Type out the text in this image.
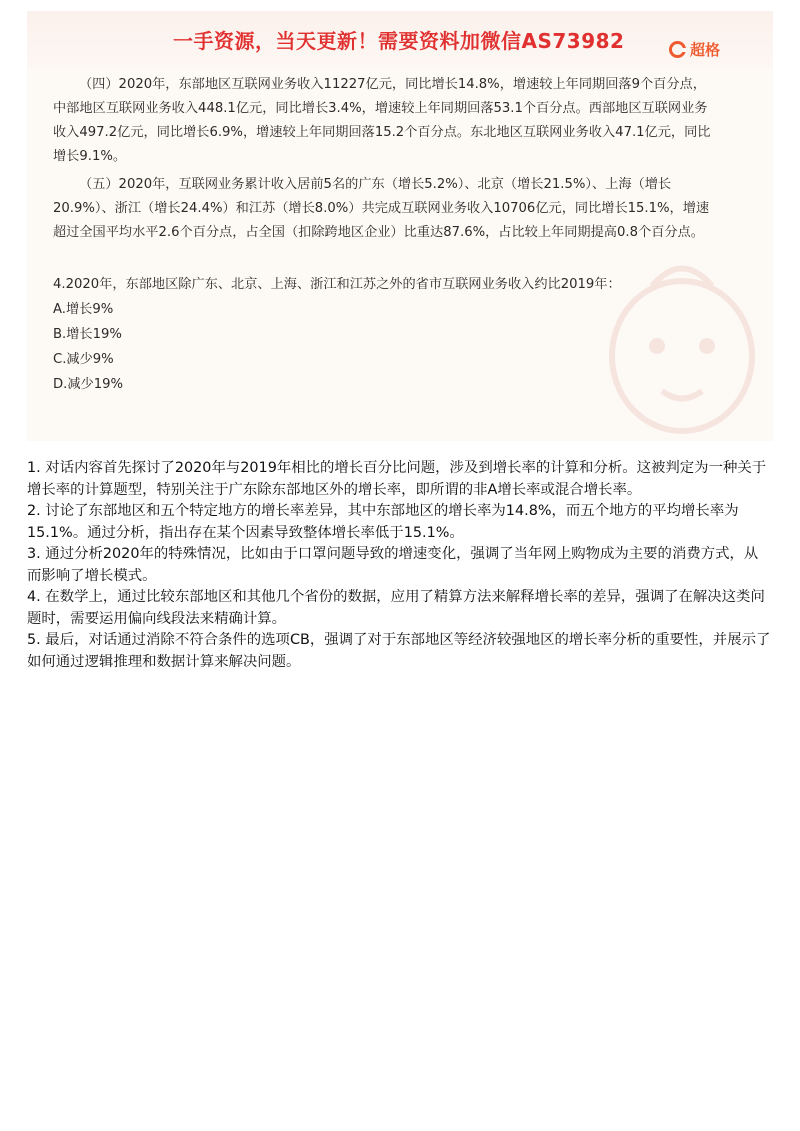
一手资源，当天更新！需要资料加微信AS73982	超格
（四）2020年，东部地区互联网业务收入11227亿元，同比增长14.8%，增速较上年同期回落9个百分点，
中部地区互联网业务收入448.1亿元，同比增长3.4%，增速较上年同期回落53.1个百分点。西部地区互联网业务
收入497.2亿元，同比增长6.9%，增速较上年同期回落15.2个百分点。东北地区互联网业务收入47.1亿元，同比
增长9.1%。
（五）2020年，互联网业务累计收入居前5名的广东（增长5.2%）、北京（增长21.5%）、上海（增长
20.9%）、浙江（增长24.4%）和江苏（增长8.0%）共完成互联网业务收入10706亿元，同比增长15.1%，增速
超过全国平均水平2.6个百分点，占全国（扣除跨地区企业）比重达87.6%，占比较上年同期提高0.8个百分点。
4.2020年，东部地区除广东、北京、上海、浙江和江苏之外的省市互联网业务收入约比2019年：
A.增长9%
B.增长19%
C.减少9%
D.减少19%

1. 对话内容首先探讨了2020年与2019年相比的增长百分比问题，涉及到增长率的计算和分析。这被判定为一种关于增长率的计算题型，特别关注于广东除东部地区外的增长率，即所谓的非A增长率或混合增长率。

2. 讨论了东部地区和五个特定地方的增长率差异，其中东部地区的增长率为14.8%，而五个地方的平均增长率为15.1%。通过分析，指出存在某个因素导致整体增长率低于15.1%。

3. 通过分析2020年的特殊情况，比如由于口罩问题导致的增速变化，强调了当年网上购物成为主要的消费方式，从而影响了增长模式。

4. 在数学上，通过比较东部地区和其他几个省份的数据，应用了精算方法来解释增长率的差异，强调了在解决这类问题时，需要运用偏向线段法来精确计算。

5. 最后，对话通过消除不符合条件的选项CB，强调了对于东部地区等经济较强地区的增长率分析的重要性，并展示了如何通过逻辑推理和数据计算来解决问题。
